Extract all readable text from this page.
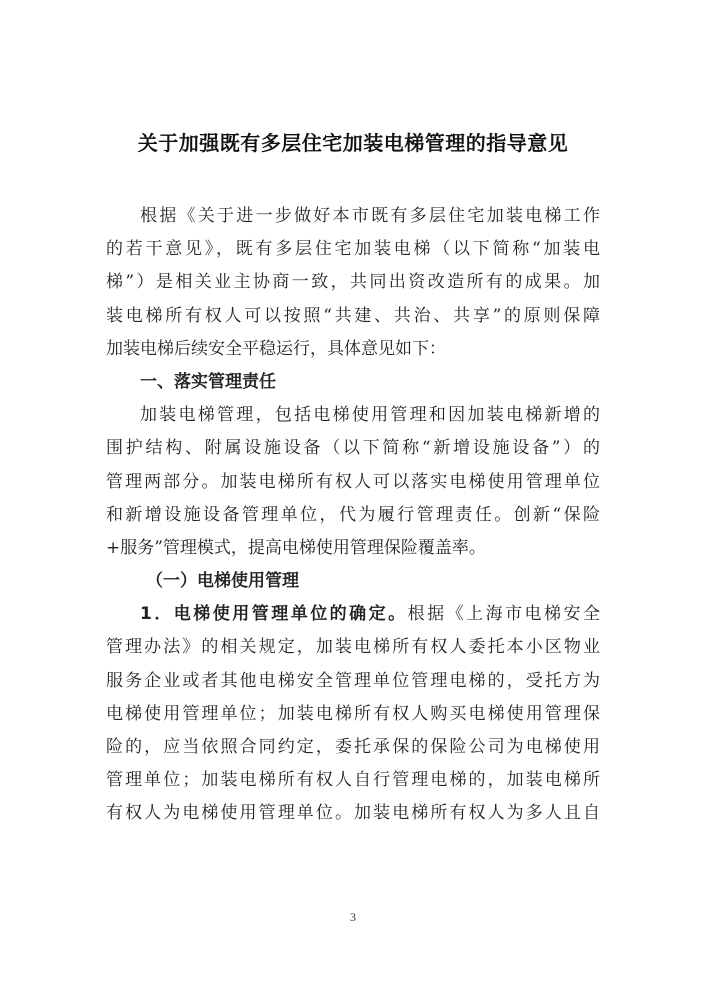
关于加强既有多层住宅加装电梯管理的指导意见
根据《关于进一步做好本市既有多层住宅加装电梯工作
的若干意见》，既有多层住宅加装电梯（以下简称“加装电
梯”）是相关业主协商一致，共同出资改造所有的成果。加
装电梯所有权人可以按照“共建、共治、共享”的原则保障
加装电梯后续安全平稳运行，具体意见如下：
一、落实管理责任
加装电梯管理，包括电梯使用管理和因加装电梯新增的
围护结构、附属设施设备（以下简称“新增设施设备”）的
管理两部分。加装电梯所有权人可以落实电梯使用管理单位
和新增设施设备管理单位，代为履行管理责任。创新“保险
+服务”管理模式，提高电梯使用管理保险覆盖率。
（一）电梯使用管理
1．电梯使用管理单位的确定。根据《上海市电梯安全
管理办法》的相关规定，加装电梯所有权人委托本小区物业
服务企业或者其他电梯安全管理单位管理电梯的，受托方为
电梯使用管理单位；加装电梯所有权人购买电梯使用管理保
险的，应当依照合同约定，委托承保的保险公司为电梯使用
管理单位；加装电梯所有权人自行管理电梯的，加装电梯所
有权人为电梯使用管理单位。加装电梯所有权人为多人且自
3
